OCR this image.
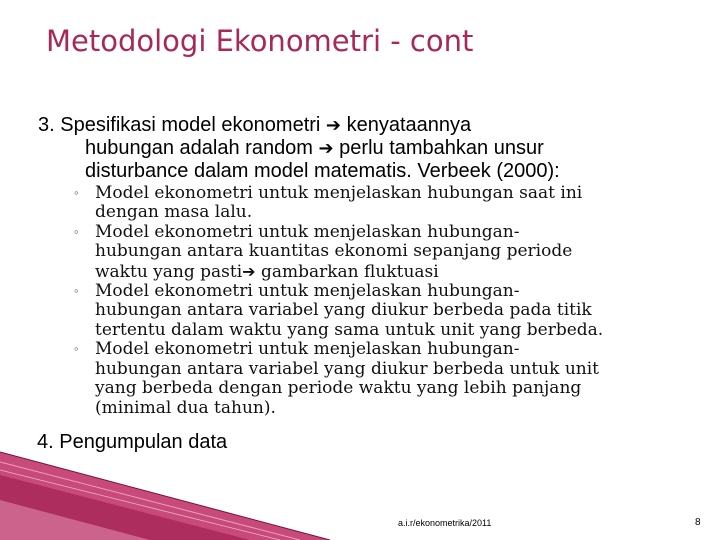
Metodologi Ekonometri - cont
3. Spesifikasi model ekonometri ➔ kenyataannya
hubungan adalah random ➔ perlu tambahkan unsur
disturbance dalam model matematis. Verbeek (2000):
◦
◦
◦
◦
Model ekonometri untuk menjelaskan hubungan saat ini
dengan masa lalu.
Model ekonometri untuk menjelaskan hubungan-
hubungan antara kuantitas ekonomi sepanjang periode
waktu yang pasti➔ gambarkan fluktuasi
Model ekonometri untuk menjelaskan hubungan-
hubungan antara variabel yang diukur berbeda pada titik
tertentu dalam waktu yang sama untuk unit yang berbeda.
Model ekonometri untuk menjelaskan hubungan-
hubungan antara variabel yang diukur berbeda untuk unit
yang berbeda dengan periode waktu yang lebih panjang
(minimal dua tahun).
4. Pengumpulan data
a.i.r/ekonometrika/2011	8
